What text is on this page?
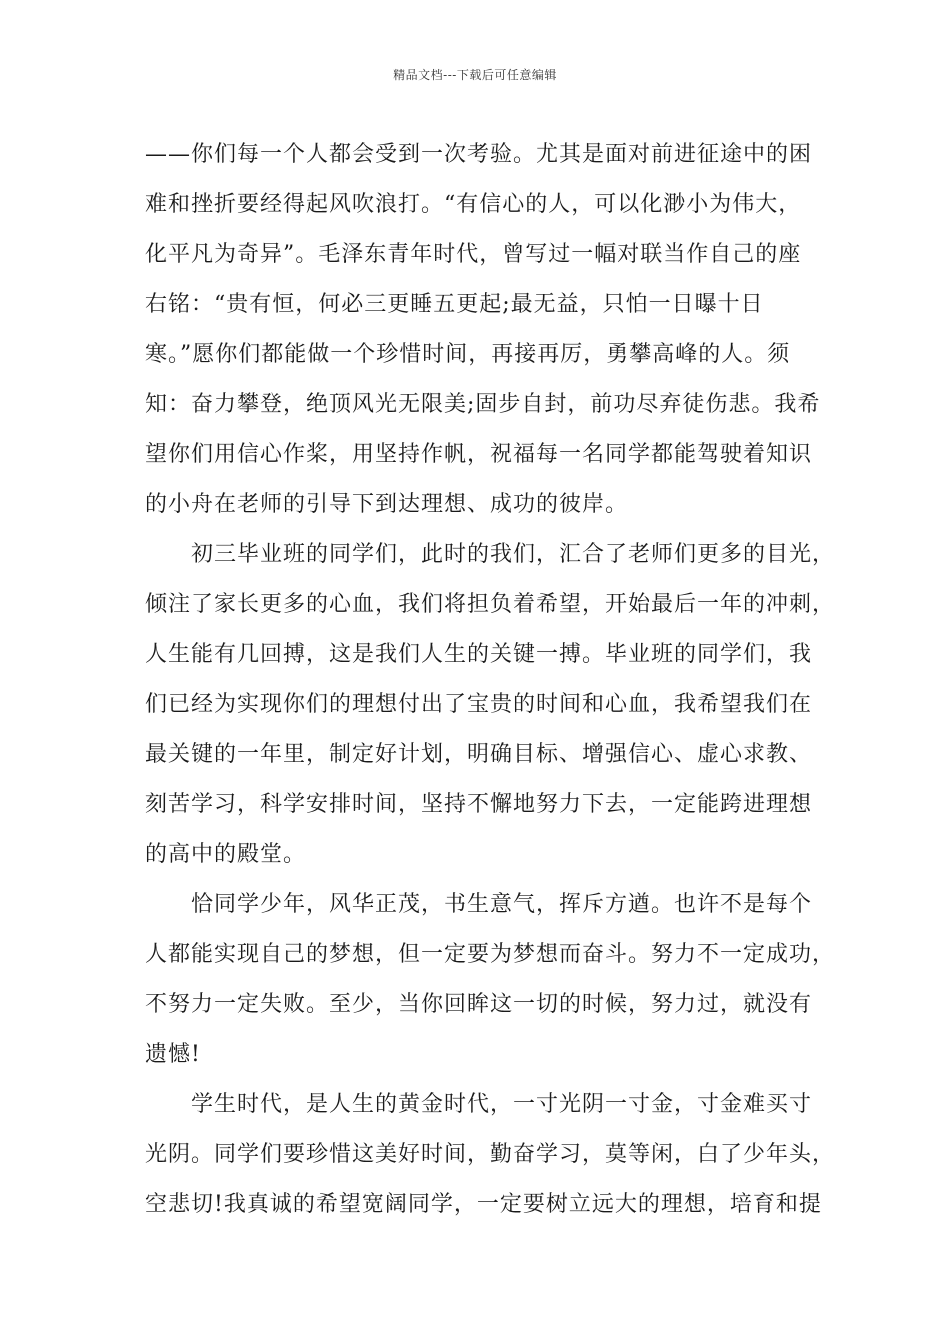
精品文档---下载后可任意编辑
——你们每一个人都会受到一次考验。尤其是面对前进征途中的困
难和挫折要经得起风吹浪打。“有信心的人，可以化渺小为伟大，
化平凡为奇异”。毛泽东青年时代，曾写过一幅对联当作自己的座
右铭：“贵有恒，何必三更睡五更起;最无益，只怕一日曝十日
寒。”愿你们都能做一个珍惜时间，再接再厉，勇攀高峰的人。须
知：奋力攀登，绝顶风光无限美;固步自封，前功尽弃徒伤悲。我希
望你们用信心作桨，用坚持作帆，祝福每一名同学都能驾驶着知识
的小舟在老师的引导下到达理想、成功的彼岸。
初三毕业班的同学们，此时的我们，汇合了老师们更多的目光，
倾注了家长更多的心血，我们将担负着希望，开始最后一年的冲刺，
人生能有几回搏，这是我们人生的关键一搏。毕业班的同学们，我
们已经为实现你们的理想付出了宝贵的时间和心血，我希望我们在
最关键的一年里，制定好计划，明确目标、增强信心、虚心求教、
刻苦学习，科学安排时间，坚持不懈地努力下去，一定能跨进理想
的高中的殿堂。
恰同学少年，风华正茂，书生意气，挥斥方遒。也许不是每个
人都能实现自己的梦想，但一定要为梦想而奋斗。努力不一定成功，
不努力一定失败。至少，当你回眸这一切的时候，努力过，就没有
遗憾!
学生时代，是人生的黄金时代，一寸光阴一寸金，寸金难买寸
光阴。同学们要珍惜这美好时间，勤奋学习，莫等闲，白了少年头，
空悲切!我真诚的希望宽阔同学，一定要树立远大的理想，培育和提
